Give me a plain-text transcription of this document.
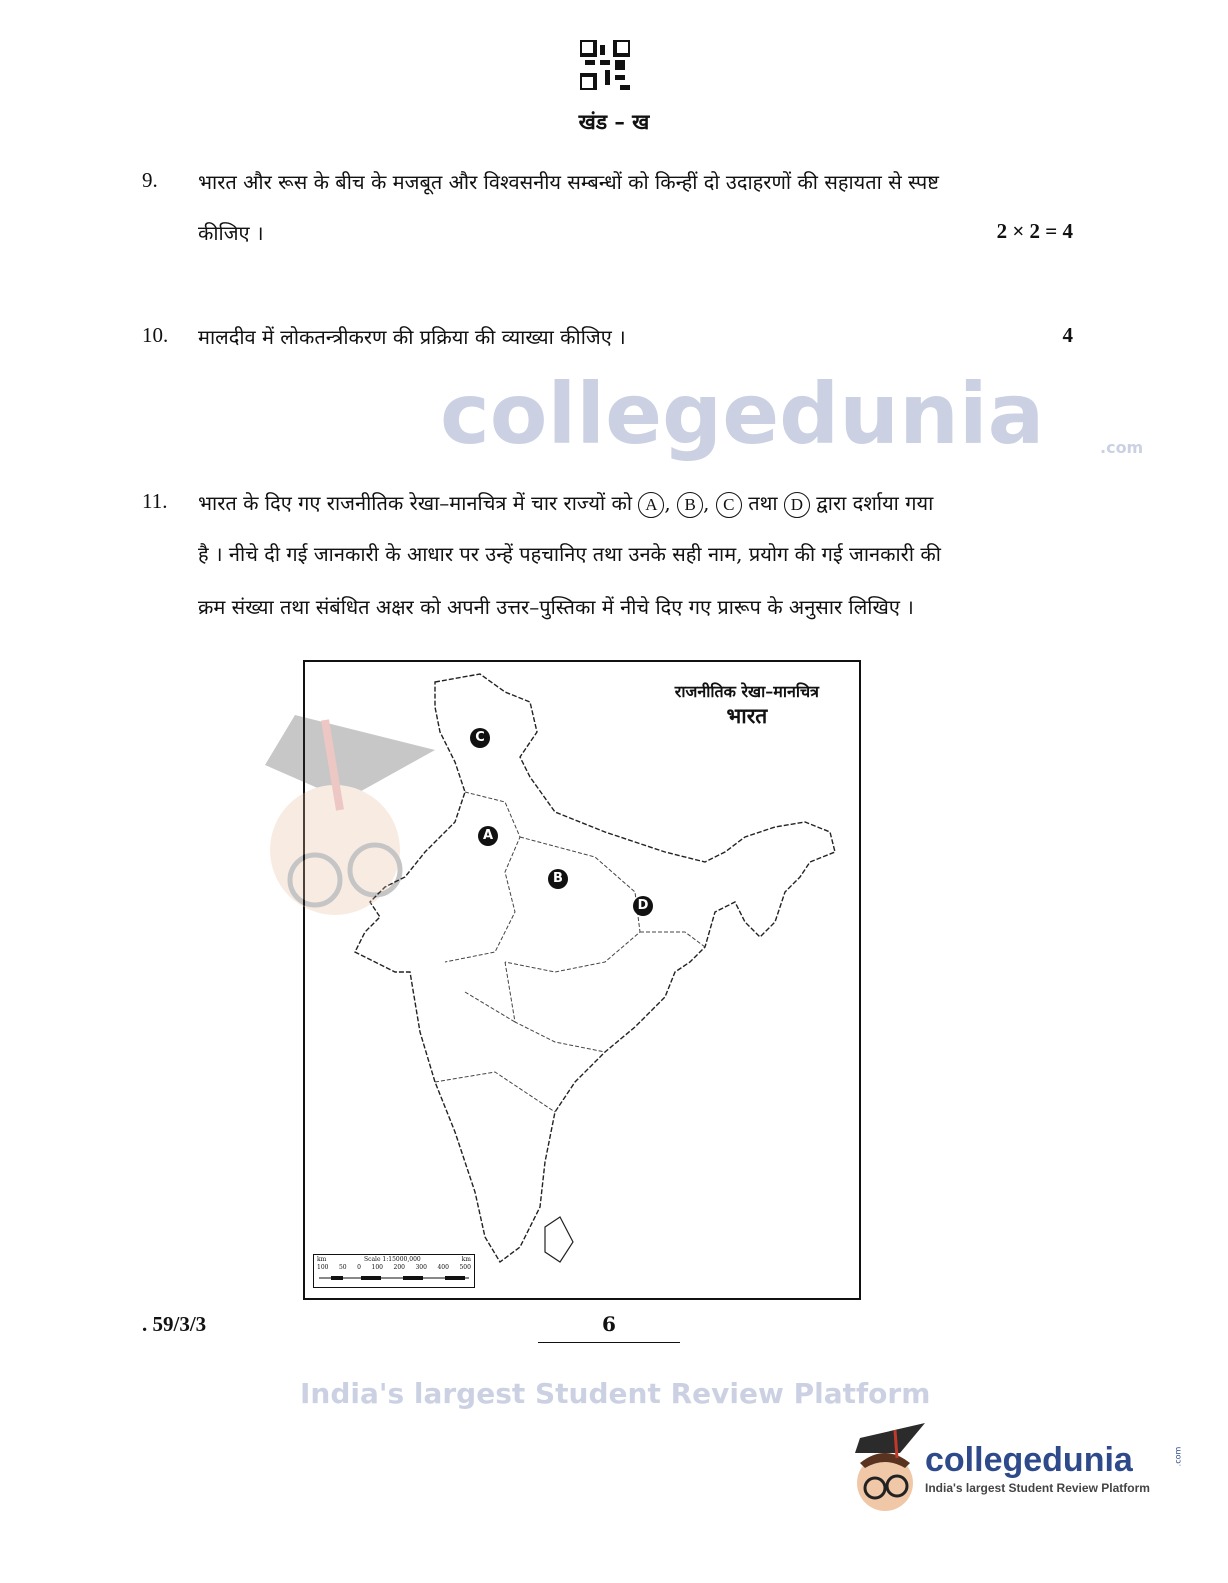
खंड – ख
9. भारत और रूस के बीच के मजबूत और विश्वसनीय सम्बन्धों को किन्हीं दो उदाहरणों की सहायता से स्पष्ट
कीजिए ।	2 × 2 = 4
10. मालदीव में लोकतन्त्रीकरण की प्रक्रिया की व्याख्या कीजिए ।	4
11. भारत के दिए गए राजनीतिक रेखा–मानचित्र में चार राज्यों को A , B , C तथा D द्वारा दर्शाया गया
है । नीचे दी गई जानकारी के आधार पर उन्हें पहचानिए तथा उनके सही नाम, प्रयोग की गई जानकारी की
क्रम संख्या तथा संबंधित अक्षर को अपनी उत्तर–पुस्तिका में नीचे दिए गए प्रारूप के अनुसार लिखिए ।
राजनीतिक रेखा–मानचित्र
भारत
C
A
B
D
km	Scale 1:15000,000	km
100 50 0 100 200 300 400 500
collegedunia
India's largest Student Review Platform
.com
. 59/3/3	6
collegedunia
India's largest Student Review Platform
.com
